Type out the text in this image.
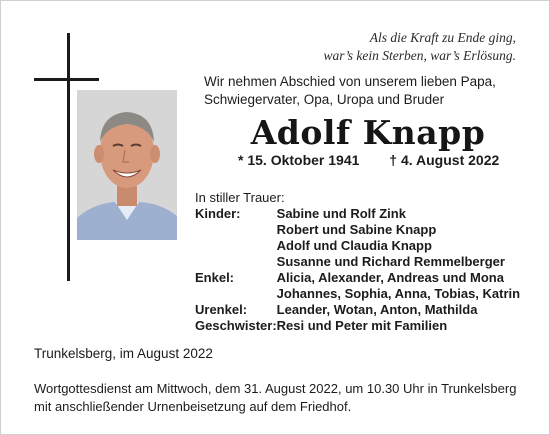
Als die Kraft zu Ende ging,
war’s kein Sterben, war’s Erlösung.
Wir nehmen Abschied von unserem lieben Papa,
Schwiegervater, Opa, Uropa und Bruder
Adolf Knapp
* 15. Oktober 1941 † 4. August 2022
In stiller Trauer:
Kinder:	Sabine und Rolf Zink
Robert und Sabine Knapp
Adolf und Claudia Knapp
Susanne und Richard Remmelberger

Enkel:	Alicia, Alexander, Andreas und Mona
Johannes, Sophia, Anna, Tobias, Katrin

Urenkel:	Leander, Wotan, Anton, Mathilda

Geschwister:	Resi und Peter mit Familien
Trunkelsberg, im August 2022
Wortgottesdienst am Mittwoch, dem 31. August 2022, um 10.30 Uhr in Trunkelsberg
mit anschließender Urnenbeisetzung auf dem Friedhof.
